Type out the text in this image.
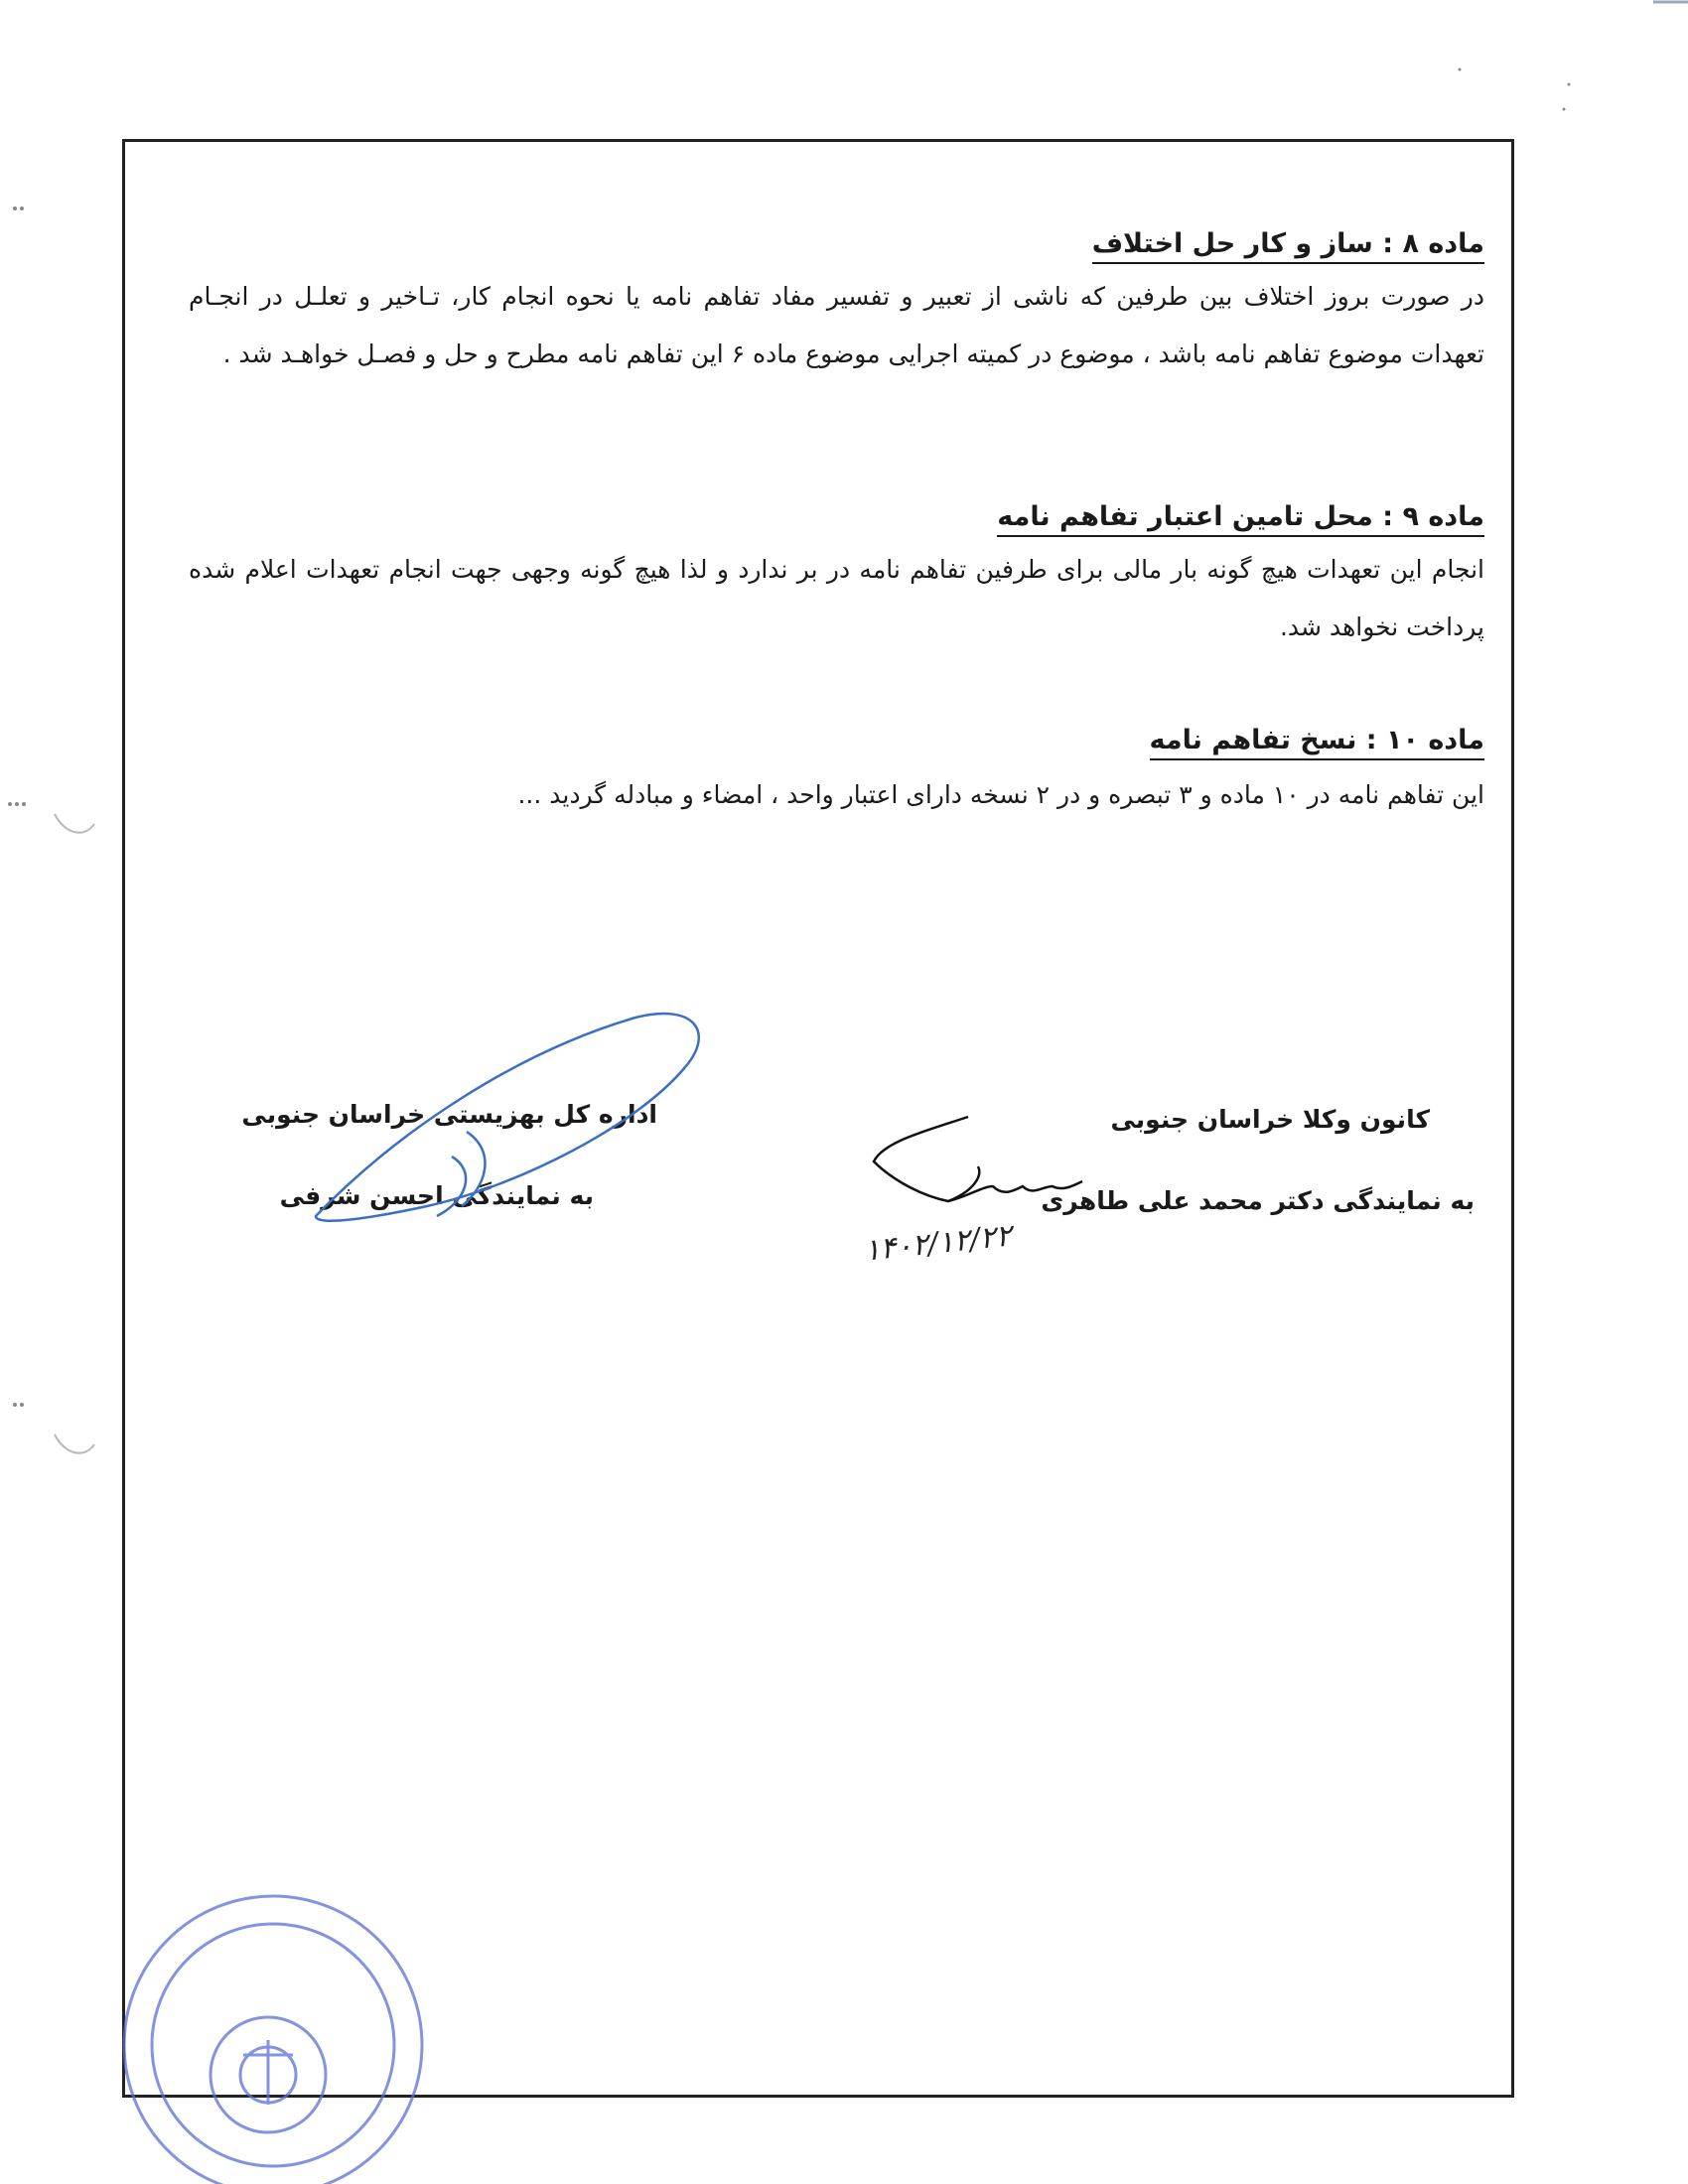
ماده ۸ : ساز و کار حل اختلاف

در صورت بروز اختلاف بین طرفین که ناشی از تعبیر و تفسیر مفاد تفاهم نامه یا نحوه انجام کار، تـاخیر و تعلـل در انجـام تعهدات موضوع تفاهم نامه باشد ، موضوع در کمیته اجرایی موضوع ماده ۶ این تفاهم نامه مطرح و حل و فصـل خواهـد شد .

ماده ۹ : محل تامین اعتبار تفاهم نامه

انجام این تعهدات هیچ گونه بار مالی برای طرفین تفاهم نامه در بر ندارد و لذا هیچ گونه وجهی جهت انجام تعهدات اعلام شده پرداخت نخواهد شد.

ماده ۱۰ : نسخ تفاهم نامه

این تفاهم نامه در ۱۰ ماده و ۳ تبصره و در ۲ نسخه دارای اعتبار واحد ، امضاء و مبادله گردید ...

اداره کل بهزیستی خراسان جنوبی
به نمایندگی احسن شرفی
کانون وکلا خراسان جنوبی
به نمایندگی دکتر محمد علی طاهری
۱۴۰۲/۱۲/۲۲
